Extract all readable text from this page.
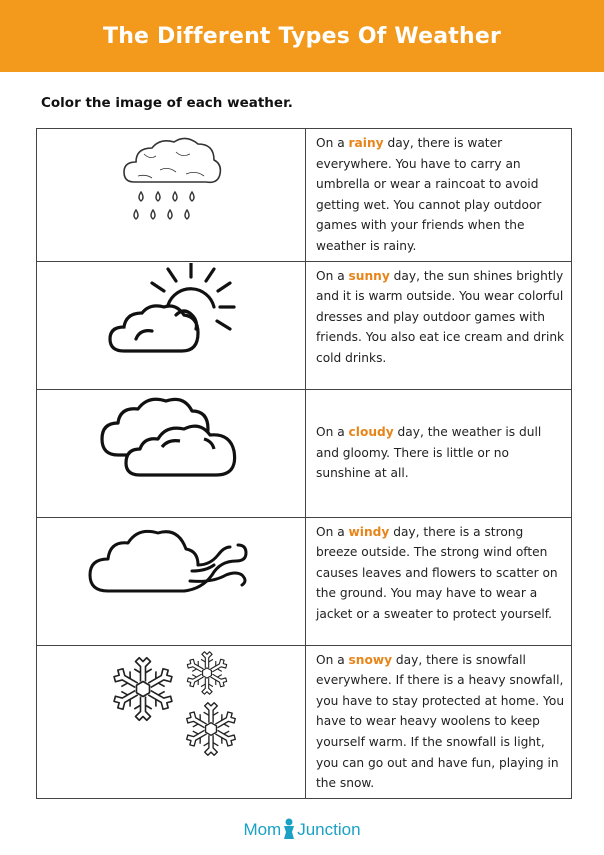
The Different Types Of Weather
Color the image of each weather.
	On a rainy day, there is water everywhere. You have to carry an umbrella or wear a raincoat to avoid getting wet. You cannot play outdoor games with your friends when the weather is rainy.
	On a sunny day, the sun shines brightly and it is warm outside. You wear colorful dresses and play outdoor games with friends. You also eat ice cream and drink cold drinks.
	On a cloudy day, the weather is dull and gloomy. There is little or no sunshine at all.
	On a windy day, there is a strong breeze outside. The strong wind often causes leaves and flowers to scatter on the ground. You may have to wear a jacket or a sweater to protect yourself.
	On a snowy day, there is snowfall everywhere. If there is a heavy snowfall, you have to stay protected at home. You have to wear heavy woolens to keep yourself warm. If the snowfall is light, you can go out and have fun, playing in the snow.
Mom Junction
